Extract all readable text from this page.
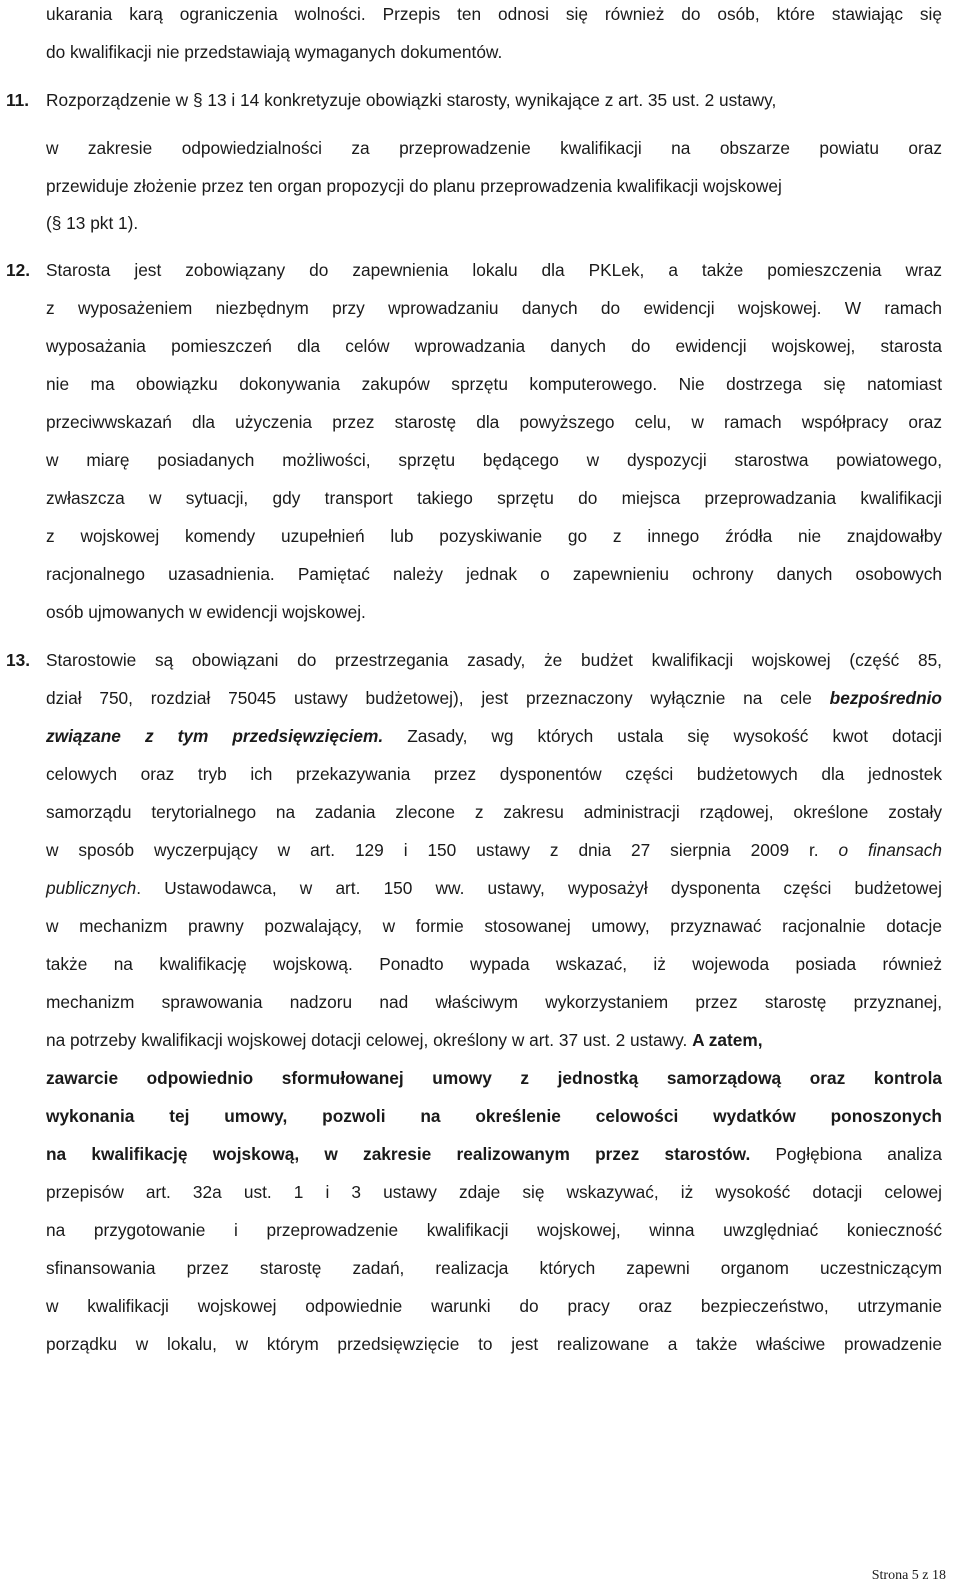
ukarania karą ograniczenia wolności. Przepis ten odnosi się również do osób, które stawiając się
do kwalifikacji nie przedstawiają wymaganych dokumentów.
11. Rozporządzenie w § 13 i 14 konkretyzuje obowiązki starosty, wynikające z art. 35 ust. 2 ustawy,
w zakresie odpowiedzialności za przeprowadzenie kwalifikacji na obszarze powiatu oraz
przewiduje złożenie przez ten organ propozycji do planu przeprowadzenia kwalifikacji wojskowej
(§ 13 pkt 1).
12. Starosta jest zobowiązany do zapewnienia lokalu dla PKLek, a także pomieszczenia wraz
z wyposażeniem niezbędnym przy wprowadzaniu danych do ewidencji wojskowej. W ramach
wyposażania pomieszczeń dla celów wprowadzania danych do ewidencji wojskowej, starosta
nie ma obowiązku dokonywania zakupów sprzętu komputerowego. Nie dostrzega się natomiast
przeciwwskazań dla użyczenia przez starostę dla powyższego celu, w ramach współpracy oraz
w miarę posiadanych możliwości, sprzętu będącego w dyspozycji starostwa powiatowego,
zwłaszcza w sytuacji, gdy transport takiego sprzętu do miejsca przeprowadzania kwalifikacji
z wojskowej komendy uzupełnień lub pozyskiwanie go z innego źródła nie znajdowałby
racjonalnego uzasadnienia. Pamiętać należy jednak o zapewnieniu ochrony danych osobowych
osób ujmowanych w ewidencji wojskowej.
13. Starostowie są obowiązani do przestrzegania zasady, że budżet kwalifikacji wojskowej (część 85,
dział 750, rozdział 75045 ustawy budżetowej), jest przeznaczony wyłącznie na cele bezpośrednio
związane z tym przedsięwzięciem. Zasady, wg których ustala się wysokość kwot dotacji
celowych oraz tryb ich przekazywania przez dysponentów części budżetowych dla jednostek
samorządu terytorialnego na zadania zlecone z zakresu administracji rządowej, określone zostały
w sposób wyczerpujący w art. 129 i 150 ustawy z dnia 27 sierpnia 2009 r. o finansach
publicznych. Ustawodawca, w art. 150 ww. ustawy, wyposażył dysponenta części budżetowej
w mechanizm prawny pozwalający, w formie stosowanej umowy, przyznawać racjonalnie dotacje
także na kwalifikację wojskową. Ponadto wypada wskazać, iż wojewoda posiada również
mechanizm sprawowania nadzoru nad właściwym wykorzystaniem przez starostę przyznanej,
na potrzeby kwalifikacji wojskowej dotacji celowej, określony w art. 37 ust. 2 ustawy. A zatem,
zawarcie odpowiednio sformułowanej umowy z jednostką samorządową oraz kontrola
wykonania tej umowy, pozwoli na określenie celowości wydatków ponoszonych
na kwalifikację wojskową, w zakresie realizowanym przez starostów. Pogłębiona analiza
przepisów art. 32a ust. 1 i 3 ustawy zdaje się wskazywać, iż wysokość dotacji celowej
na przygotowanie i przeprowadzenie kwalifikacji wojskowej, winna uwzględniać konieczność
sfinansowania przez starostę zadań, realizacja których zapewni organom uczestniczącym
w kwalifikacji wojskowej odpowiednie warunki do pracy oraz bezpieczeństwo, utrzymanie
porządku w lokalu, w którym przedsięwzięcie to jest realizowane a także właściwe prowadzenie
Strona 5 z 18
